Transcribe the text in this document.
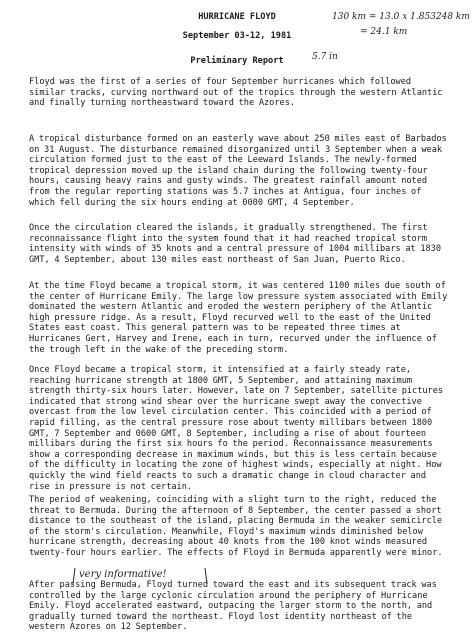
HURRICANE FLOYD
September 03-12, 1981
Preliminary Report
130 km = 13.0 x 1.853248 km
= 24.1 km
5.7 in

Floyd was the first of a series of four September hurricanes which followed similar tracks, curving northward out of the tropics through the western Atlantic and finally turning northeastward toward the Azores.

A tropical disturbance formed on an easterly wave about 250 miles east of Barbados on 31 August. The disturbance remained disorganized until 3 September when a weak circulation formed just to the east of the Leeward Islands. The newly-formed tropical depression moved up the island chain during the following twenty-four hours, causing heavy rains and gusty winds. The greatest rainfall amount noted from the regular reporting stations was 5.7 inches at Antigua, four inches of which fell during the six hours ending at 0000 GMT, 4 September.

Once the circulation cleared the islands, it gradually strengthened. The first reconnaissance flight into the system found that it had reached tropical storm intensity with winds of 35 knots and a central pressure of 1004 millibars at 1830 GMT, 4 September, about 130 miles east northeast of San Juan, Puerto Rico.

At the time Floyd became a tropical storm, it was centered 1100 miles due south of the center of Hurricane Emily. The large low pressure system associated with Emily dominated the western Atlantic and eroded the western periphery of the Atlantic high pressure ridge. As a result, Floyd recurved well to the east of the United States east coast. This general pattern was to be repeated three times at Hurricanes Gert, Harvey and Irene, each in turn, recurved under the influence of the trough left in the wake of the preceding storm.

Once Floyd became a tropical storm, it intensified at a fairly steady rate, reaching hurricane strength at 1800 GMT, 5 September, and attaining maximum strength thirty-six hours later. However, late on 7 September, satellite pictures indicated that strong wind shear over the hurricane swept away the convective overcast from the low level circulation center. This coincided with a period of rapid filling, as the central pressure rose about twenty millibars between 1800 GMT, 7 September and 0600 GMT, 8 September, including a rise of about fourteen millibars during the first six hours fo the period. Reconnaissance measurements show a corresponding decrease in maximum winds, but this is less certain because of the difficulty in locating the zone of highest winds, especially at night. How quickly the wind field reacts to such a dramatic change in cloud character and rise in pressure is not certain.

The period of weakening, coinciding with a slight turn to the right, reduced the threat to Bermuda. During the afternoon of 8 September, the center passed a short distance to the southeast of the island, placing Bermuda in the weaker semicircle of the storm's circulation. Meanwhile, Floyd's maximum winds diminished below hurricane strength, decreasing about 40 knots from the 100 knot winds measured twenty-four hours earlier. The effects of Floyd in Bermuda apparently were minor.

After passing Bermuda, Floyd turned toward the east and its subsequent track was controlled by the large cyclonic circulation around the periphery of Hurricane Emily. Floyd accelerated eastward, outpacing the larger storm to the north, and gradually turned toward the northeast. Floyd lost identity northeast of the western Azores on 12 September.

very informative!
